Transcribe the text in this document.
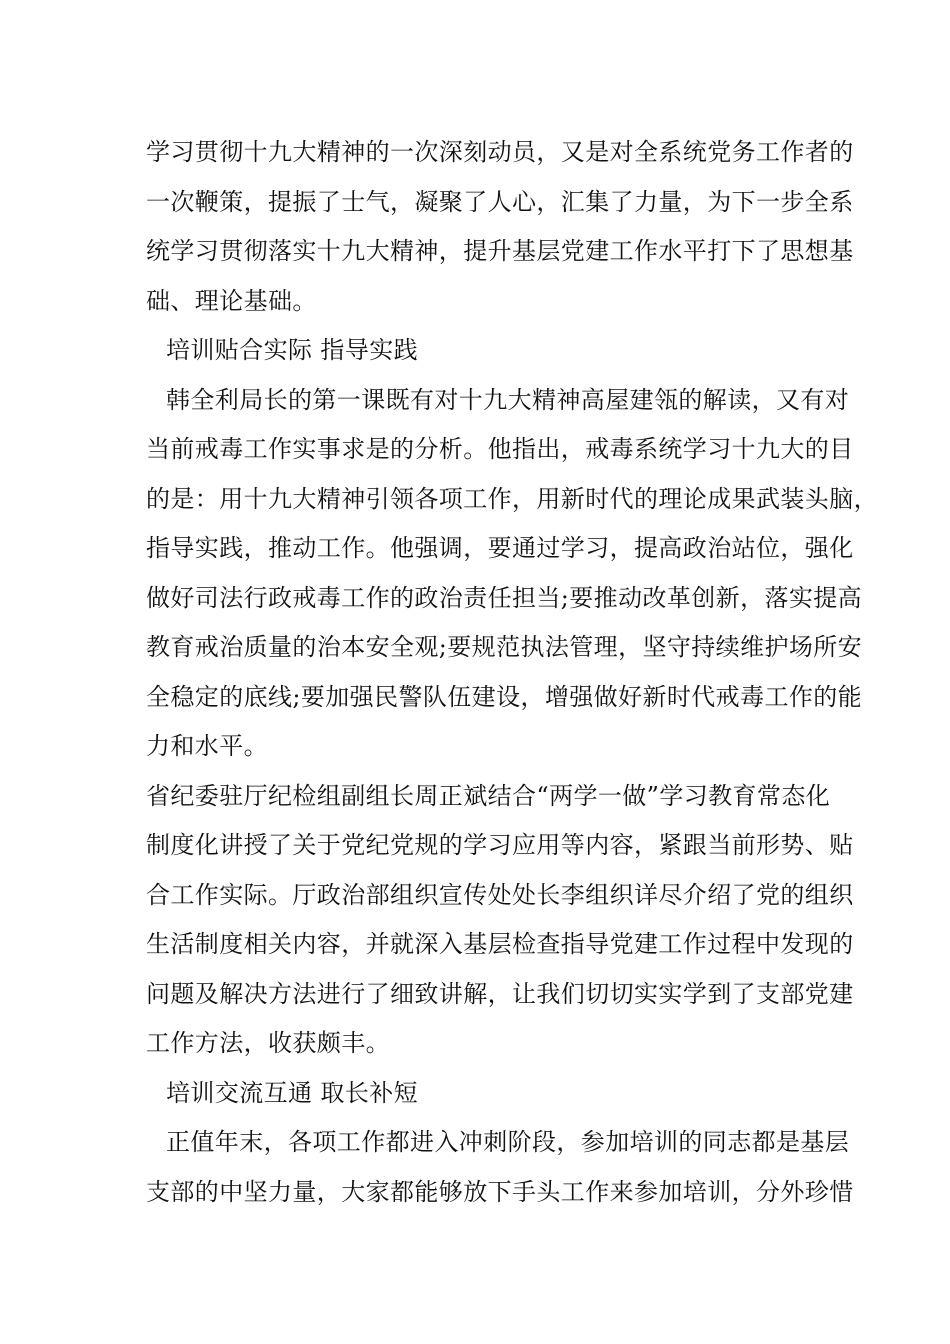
学习贯彻十九大精神的一次深刻动员，又是对全系统党务工作者的
一次鞭策，提振了士气，凝聚了人心，汇集了力量，为下一步全系
统学习贯彻落实十九大精神，提升基层党建工作水平打下了思想基
础、理论基础。
培训贴合实际 指导实践
韩全利局长的第一课既有对十九大精神高屋建瓴的解读，又有对
当前戒毒工作实事求是的分析。他指出，戒毒系统学习十九大的目
的是：用十九大精神引领各项工作，用新时代的理论成果武装头脑，
指导实践，推动工作。他强调，要通过学习，提高政治站位，强化
做好司法行政戒毒工作的政治责任担当;要推动改革创新，落实提高
教育戒治质量的治本安全观;要规范执法管理，坚守持续维护场所安
全稳定的底线;要加强民警队伍建设，增强做好新时代戒毒工作的能
力和水平。
省纪委驻厅纪检组副组长周正斌结合“两学一做”学习教育常态化
制度化讲授了关于党纪党规的学习应用等内容，紧跟当前形势、贴
合工作实际。厅政治部组织宣传处处长李组织详尽介绍了党的组织
生活制度相关内容，并就深入基层检查指导党建工作过程中发现的
问题及解决方法进行了细致讲解，让我们切切实实学到了支部党建
工作方法，收获颇丰。
培训交流互通 取长补短
正值年末，各项工作都进入冲刺阶段，参加培训的同志都是基层
支部的中坚力量，大家都能够放下手头工作来参加培训，分外珍惜
